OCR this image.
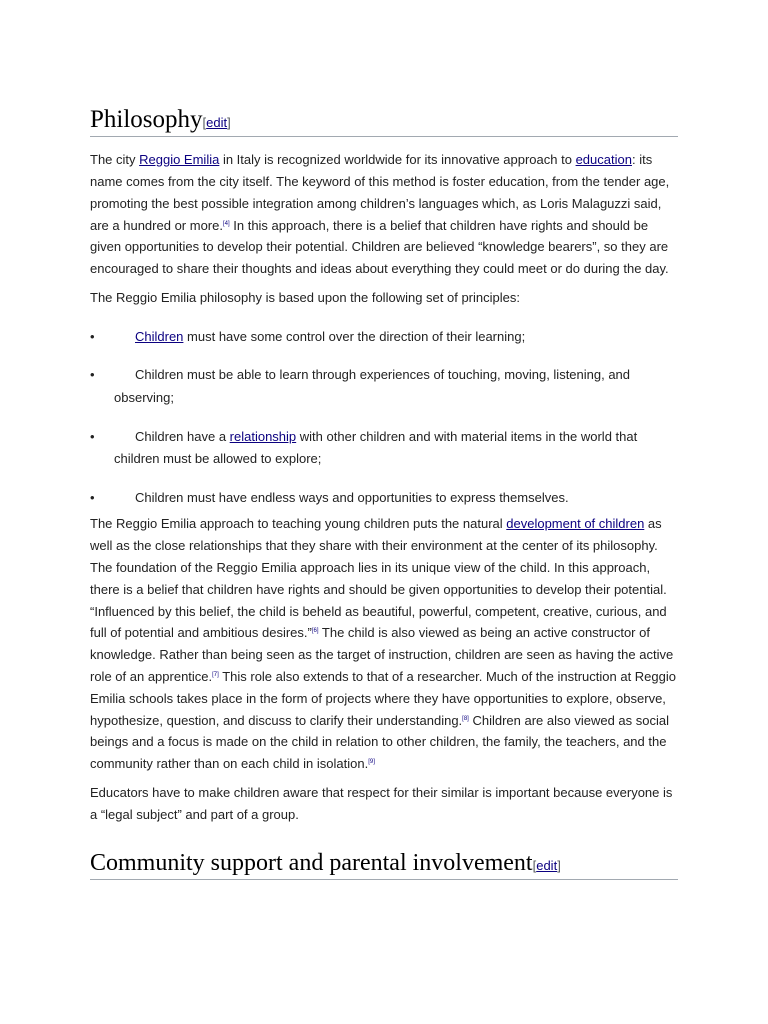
Philosophy[edit]

The city Reggio Emilia in Italy is recognized worldwide for its innovative approach to education: its name comes from the city itself. The keyword of this method is foster education, from the tender age, promoting the best possible integration among children’s languages which, as Loris Malaguzzi said, are a hundred or more.[4] In this approach, there is a belief that children have rights and should be given opportunities to develop their potential. Children are believed “knowledge bearers”, so they are encouraged to share their thoughts and ideas about everything they could meet or do during the day.

The Reggio Emilia philosophy is based upon the following set of principles:

•	Children must have some control over the direction of their learning;
•	Children must be able to learn through experiences of touching, moving, listening, and observing;
•	Children have a relationship with other children and with material items in the world that children must be allowed to explore;
•	Children must have endless ways and opportunities to express themselves.

The Reggio Emilia approach to teaching young children puts the natural development of children as well as the close relationships that they share with their environment at the center of its philosophy. The foundation of the Reggio Emilia approach lies in its unique view of the child. In this approach, there is a belief that children have rights and should be given opportunities to develop their potential. “Influenced by this belief, the child is beheld as beautiful, powerful, competent, creative, curious, and full of potential and ambitious desires.”[6] The child is also viewed as being an active constructor of knowledge. Rather than being seen as the target of instruction, children are seen as having the active role of an apprentice.[7] This role also extends to that of a researcher. Much of the instruction at Reggio Emilia schools takes place in the form of projects where they have opportunities to explore, observe, hypothesize, question, and discuss to clarify their understanding.[8] Children are also viewed as social beings and a focus is made on the child in relation to other children, the family, the teachers, and the community rather than on each child in isolation.[9]

Educators have to make children aware that respect for their similar is important because everyone is a “legal subject” and part of a group.

Community support and parental involvement[edit]
